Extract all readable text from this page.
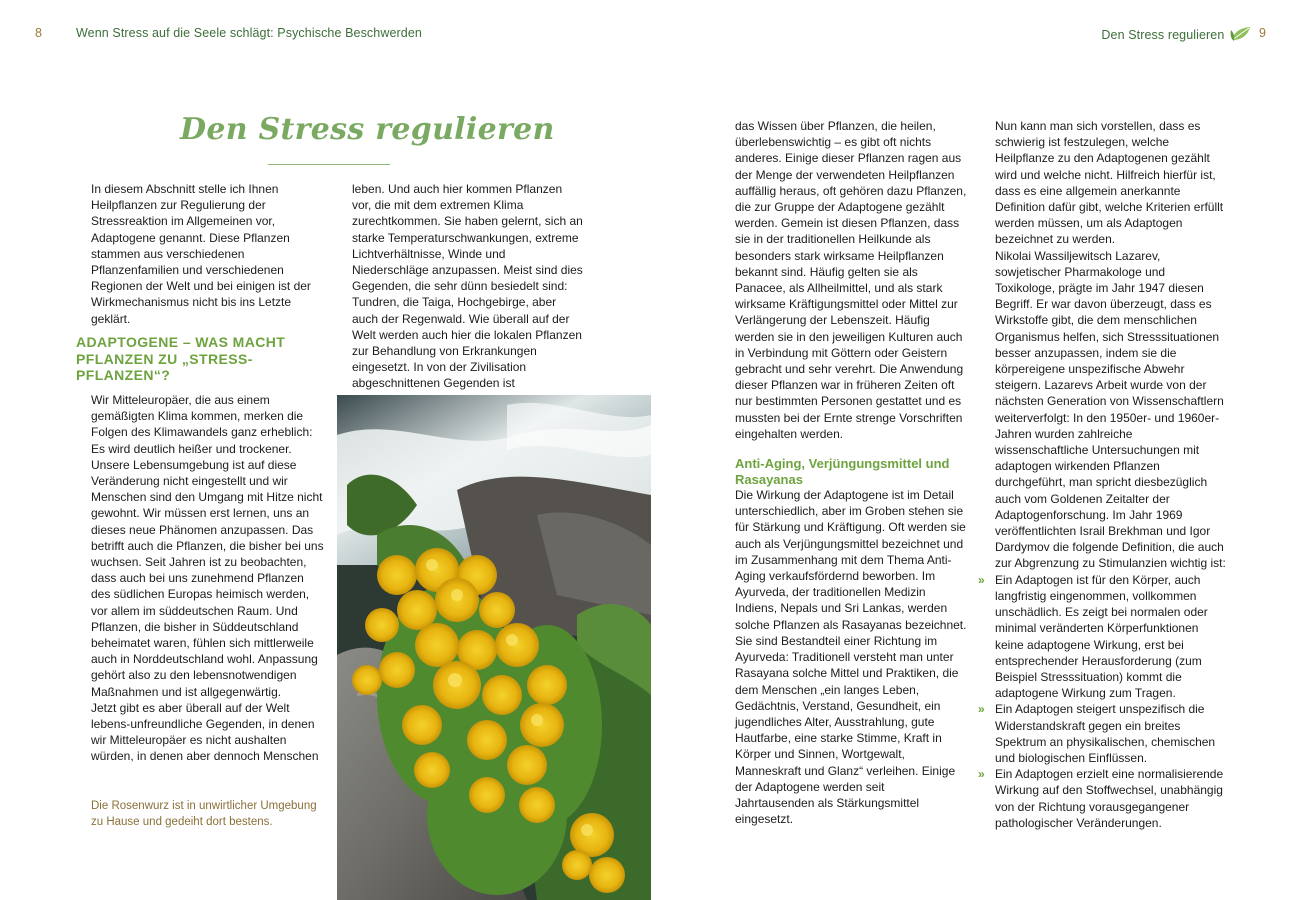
8	Wenn Stress auf die Seele schlägt: Psychische Beschwerden	Den Stress regulieren	9
Den Stress regulieren

In diesem Abschnitt stelle ich Ihnen Heilpflanzen zur Regulierung der Stressreaktion im Allgemeinen vor, Adaptogene genannt. Diese Pflanzen stammen aus verschiedenen Pflanzenfamilien und verschiedenen Regionen der Welt und bei einigen ist der Wirkmechanismus nicht bis ins Letzte geklärt.

ADAPTOGENE – WAS MACHT PFLANZEN ZU „STRESS-PFLANZEN“?

Wir Mitteleuropäer, die aus einem gemäßigten Klima kommen, merken die Folgen des Klimawandels ganz erheblich: Es wird deutlich heißer und trockener. Unsere Lebensumgebung ist auf diese Veränderung nicht eingestellt und wir Menschen sind den Umgang mit Hitze nicht gewohnt. Wir müssen erst lernen, uns an dieses neue Phänomen anzupassen. Das betrifft auch die Pflanzen, die bisher bei uns wuchsen. Seit Jahren ist zu beobachten, dass auch bei uns zunehmend Pflanzen des südlichen Europas heimisch werden, vor allem im süddeutschen Raum. Und Pflanzen, die bisher in Süddeutschland beheimatet waren, fühlen sich mittlerweile auch in Norddeutschland wohl. Anpassung gehört also zu den lebensnotwendigen Maßnahmen und ist allgegenwärtig.

Jetzt gibt es aber überall auf der Welt lebens-unfreundliche Gegenden, in denen wir Mitteleuropäer es nicht aushalten würden, in denen aber dennoch Menschen

Die Rosenwurz ist in unwirtlicher Umgebung zu Hause und gedeiht dort bestens.

leben. Und auch hier kommen Pflanzen vor, die mit dem extremen Klima zurechtkommen. Sie haben gelernt, sich an starke Temperaturschwankungen, extreme Lichtverhältnisse, Winde und Niederschläge anzupassen. Meist sind dies Gegenden, die sehr dünn besiedelt sind: Tundren, die Taiga, Hochgebirge, aber auch der Regenwald. Wie überall auf der Welt werden auch hier die lokalen Pflanzen zur Behandlung von Erkrankungen eingesetzt. In von der Zivilisation abgeschnittenen Gegenden ist

das Wissen über Pflanzen, die heilen, überlebenswichtig – es gibt oft nichts anderes. Einige dieser Pflanzen ragen aus der Menge der verwendeten Heilpflanzen auffällig heraus, oft gehören dazu Pflanzen, die zur Gruppe der Adaptogene gezählt werden. Gemein ist diesen Pflanzen, dass sie in der traditionellen Heilkunde als besonders stark wirksame Heilpflanzen bekannt sind. Häufig gelten sie als Panacee, als Allheilmittel, und als stark wirksame Kräftigungsmittel oder Mittel zur Verlängerung der Lebenszeit. Häufig werden sie in den jeweiligen Kulturen auch in Verbindung mit Göttern oder Geistern gebracht und sehr verehrt. Die Anwendung dieser Pflanzen war in früheren Zeiten oft nur bestimmten Personen gestattet und es mussten bei der Ernte strenge Vorschriften eingehalten werden.

Anti-Aging, Verjüngungsmittel und Rasayanas

Die Wirkung der Adaptogene ist im Detail unterschiedlich, aber im Groben stehen sie für Stärkung und Kräftigung. Oft werden sie auch als Verjüngungsmittel bezeichnet und im Zusammenhang mit dem Thema Anti-Aging verkaufsfördernd beworben. Im Ayurveda, der traditionellen Medizin Indiens, Nepals und Sri Lankas, werden solche Pflanzen als Rasayanas bezeichnet. Sie sind Bestandteil einer Richtung im Ayurveda: Traditionell versteht man unter Rasayana solche Mittel und Praktiken, die dem Menschen „ein langes Leben, Gedächtnis, Verstand, Gesundheit, ein jugendliches Alter, Ausstrahlung, gute Hautfarbe, eine starke Stimme, Kraft in Körper und Sinnen, Wortgewalt, Manneskraft und Glanz“ verleihen. Einige der Adaptogene werden seit Jahrtausenden als Stärkungsmittel eingesetzt.

Nun kann man sich vorstellen, dass es schwierig ist festzulegen, welche Heilpflanze zu den Adaptogenen gezählt wird und welche nicht. Hilfreich hierfür ist, dass es eine allgemein anerkannte Definition dafür gibt, welche Kriterien erfüllt werden müssen, um als Adaptogen bezeichnet zu werden.

Nikolai Wassiljewitsch Lazarev, sowjetischer Pharmakologe und Toxikologe, prägte im Jahr 1947 diesen Begriff. Er war davon überzeugt, dass es Wirkstoffe gibt, die dem menschlichen Organismus helfen, sich Stresssituationen besser anzupassen, indem sie die körpereigene unspezifische Abwehr steigern. Lazarevs Arbeit wurde von der nächsten Generation von Wissenschaftlern weiterverfolgt: In den 1950er- und 1960er-Jahren wurden zahlreiche wissenschaftliche Untersuchungen mit adaptogen wirkenden Pflanzen durchgeführt, man spricht diesbezüglich auch vom Goldenen Zeitalter der Adaptogenforschung. Im Jahr 1969 veröffentlichten Israil Brekhman und Igor Dardymov die folgende Definition, die auch zur Abgrenzung zu Stimulanzien wichtig ist:

» Ein Adaptogen ist für den Körper, auch langfristig eingenommen, vollkommen unschädlich. Es zeigt bei normalen oder minimal veränderten Körperfunktionen keine adaptogene Wirkung, erst bei entsprechender Herausforderung (zum Beispiel Stresssituation) kommt die adaptogene Wirkung zum Tragen.
» Ein Adaptogen steigert unspezifisch die Widerstandskraft gegen ein breites Spektrum an physikalischen, chemischen und biologischen Einflüssen.
» Ein Adaptogen erzielt eine normalisierende Wirkung auf den Stoffwechsel, unabhängig von der Richtung vorausgegangener pathologischer Veränderungen.
